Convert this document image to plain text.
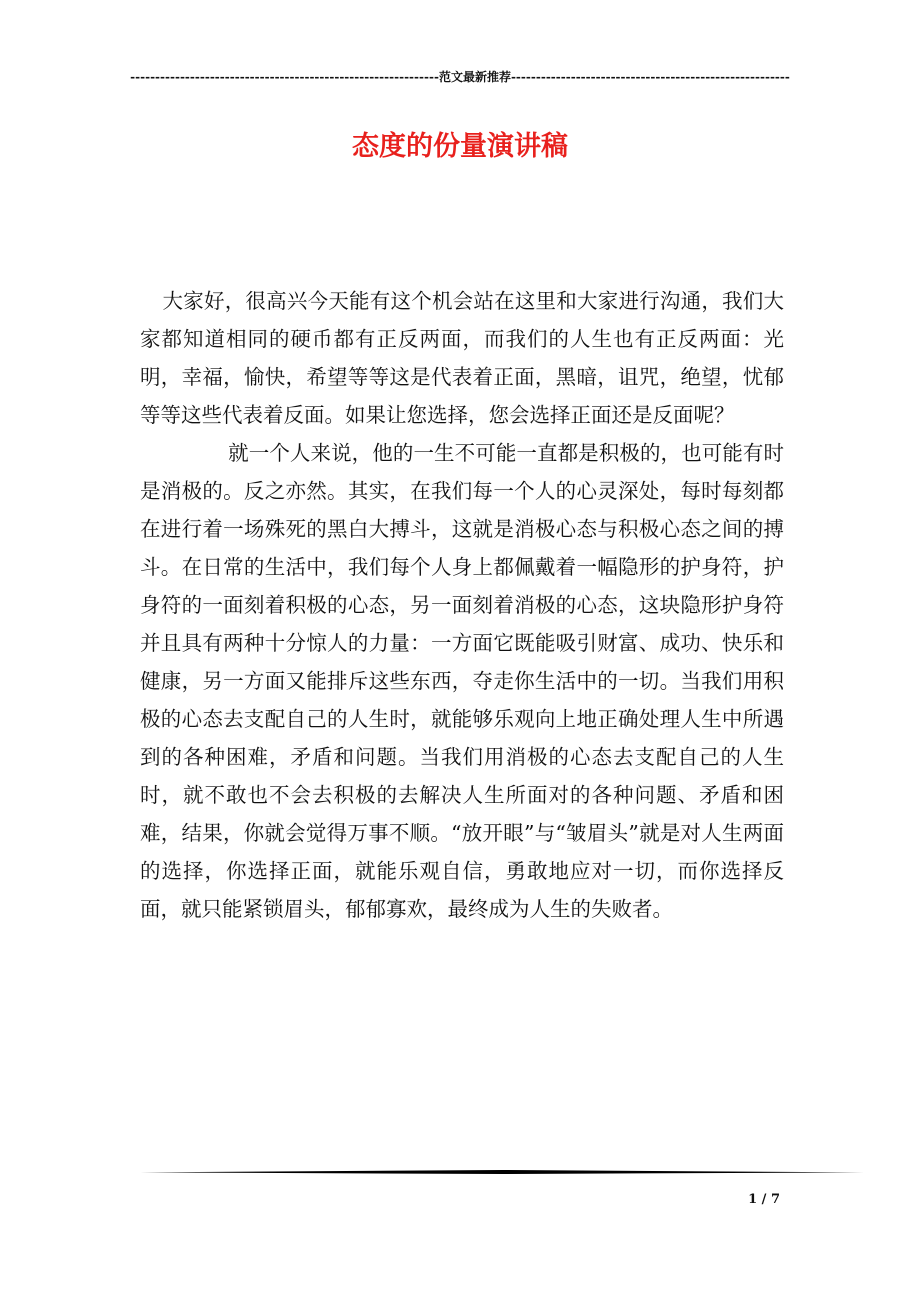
--------------------------------------------------------------范文最新推荐--------------------------------------------------------
态度的份量演讲稿

大家好，很高兴今天能有这个机会站在这里和大家进行沟通，我们大家都知道相同的硬币都有正反两面，而我们的人生也有正反两面：光明，幸福，愉快，希望等等这是代表着正面，黑暗，诅咒，绝望，忧郁等等这些代表着反面。如果让您选择，您会选择正面还是反面呢？

就一个人来说，他的一生不可能一直都是积极的，也可能有时是消极的。反之亦然。其实，在我们每一个人的心灵深处，每时每刻都在进行着一场殊死的黑白大搏斗，这就是消极心态与积极心态之间的搏斗。在日常的生活中，我们每个人身上都佩戴着一幅隐形的护身符，护身符的一面刻着积极的心态，另一面刻着消极的心态，这块隐形护身符并且具有两种十分惊人的力量：一方面它既能吸引财富、成功、快乐和健康，另一方面又能排斥这些东西，夺走你生活中的一切。当我们用积极的心态去支配自己的人生时，就能够乐观向上地正确处理人生中所遇到的各种困难，矛盾和问题。当我们用消极的心态去支配自己的人生时，就不敢也不会去积极的去解决人生所面对的各种问题、矛盾和困难，结果，你就会觉得万事不顺。“放开眼”与“皱眉头”就是对人生两面的选择，你选择正面，就能乐观自信，勇敢地应对一切，而你选择反面，就只能紧锁眉头，郁郁寡欢，最终成为人生的失败者。

1 / 7
